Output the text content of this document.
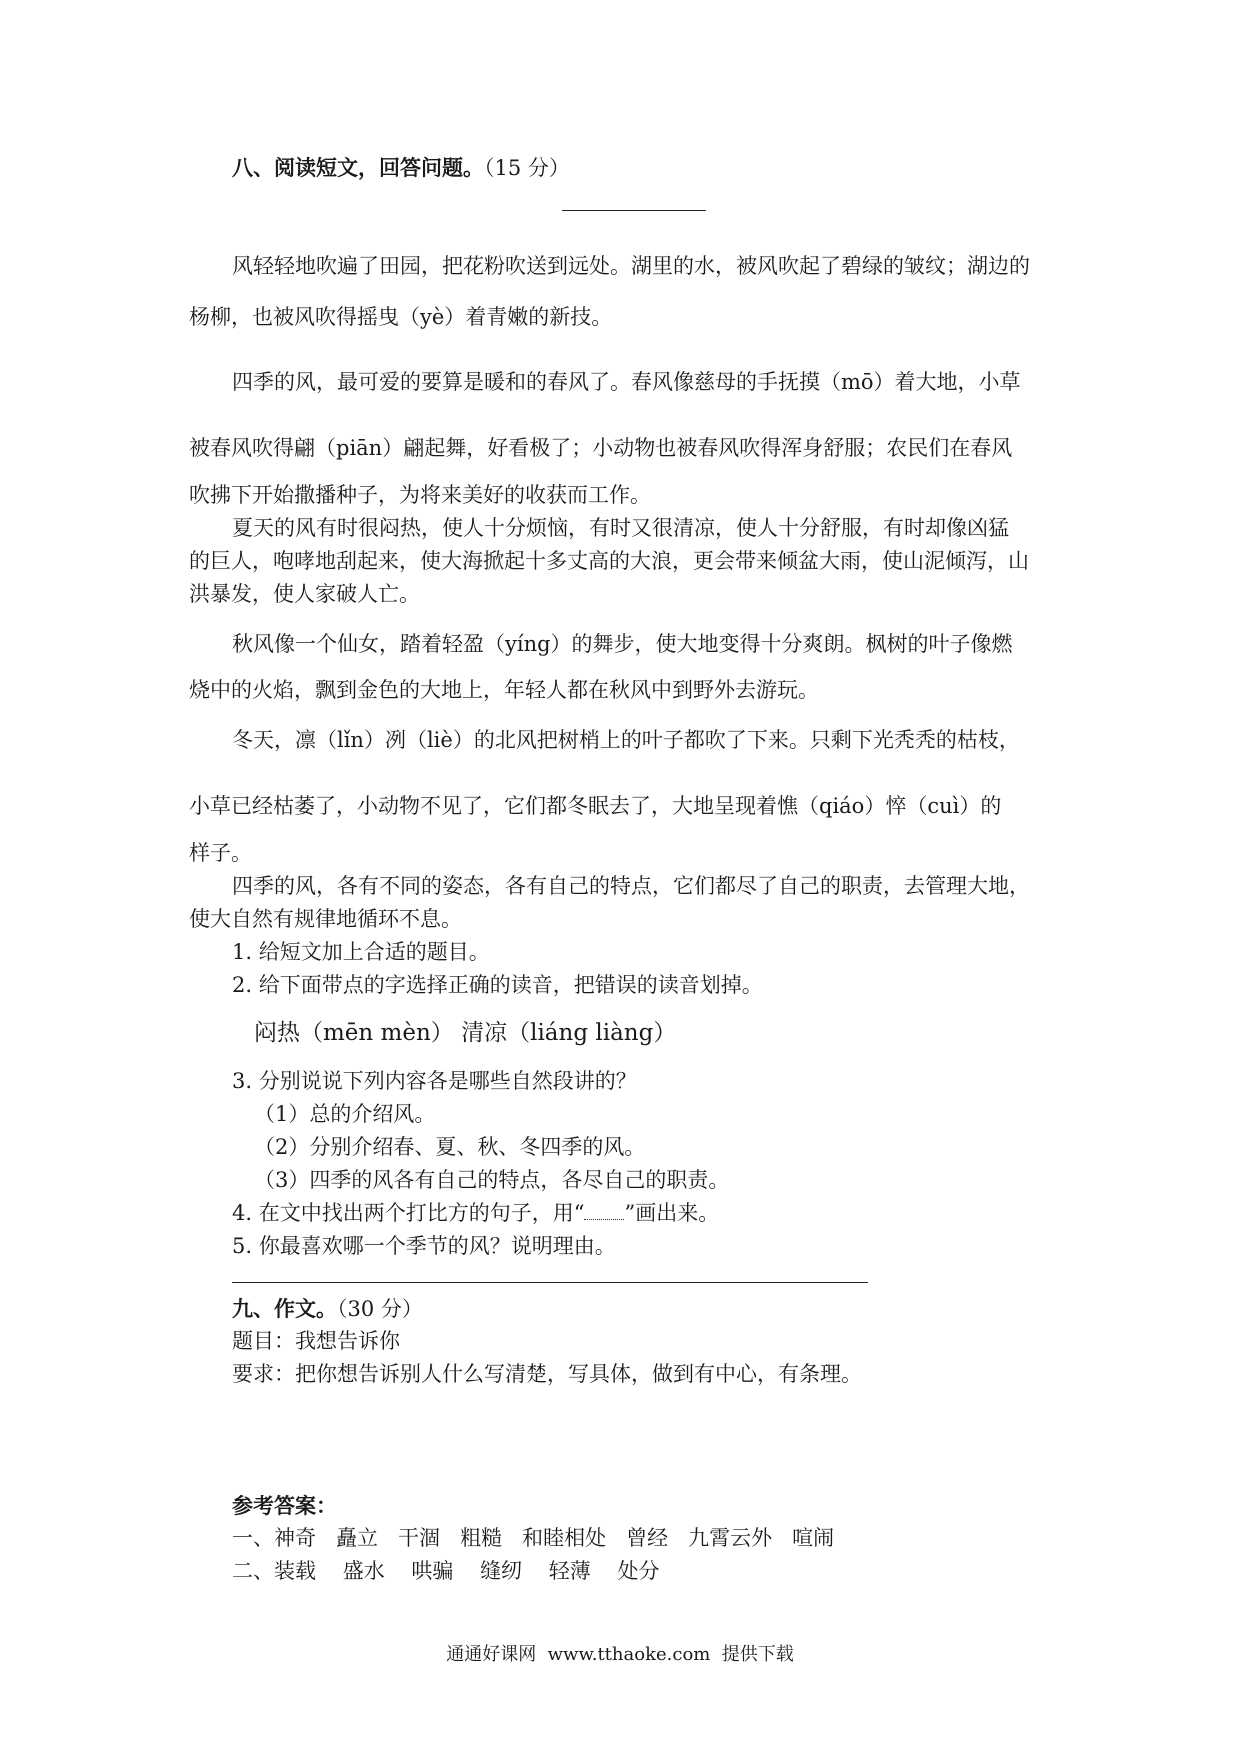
八、阅读短文，回答问题。（15 分）
风轻轻地吹遍了田园，把花粉吹送到远处。湖里的水，被风吹起了碧绿的皱纹；湖边的
杨柳，也被风吹得摇曳（yè）着青嫩的新技。
四季的风，最可爱的要算是暖和的春风了。春风像慈母的手抚摸（mō）着大地，小草
被春风吹得翩（piān）翩起舞，好看极了；小动物也被春风吹得浑身舒服；农民们在春风
吹拂下开始撒播种子，为将来美好的收获而工作。
夏天的风有时很闷热，使人十分烦恼，有时又很清凉，使人十分舒服，有时却像凶猛
的巨人，咆哮地刮起来，使大海掀起十多丈高的大浪，更会带来倾盆大雨，使山泥倾泻，山
洪暴发，使人家破人亡。
秋风像一个仙女，踏着轻盈（yíng）的舞步，使大地变得十分爽朗。枫树的叶子像燃
烧中的火焰，飘到金色的大地上，年轻人都在秋风中到野外去游玩。
冬天，凛（lǐn）冽（liè）的北风把树梢上的叶子都吹了下来。只剩下光秃秃的枯枝，
小草已经枯萎了，小动物不见了，它们都冬眠去了，大地呈现着憔（qiáo）悴（cuì）的
样子。
四季的风，各有不同的姿态，各有自己的特点，它们都尽了自己的职责，去管理大地，
使大自然有规律地循环不息。
1. 给短文加上合适的题目。
2. 给下面带点的字选择正确的读音，把错误的读音划掉。
闷热（mēn mèn） 清凉（liáng liàng）
3. 分别说说下列内容各是哪些自然段讲的？
（1）总的介绍风。
（2）分别介绍春、夏、秋、冬四季的风。
（3）四季的风各有自己的特点，各尽自己的职责。
4. 在文中找出两个打比方的句子，用“ ”画出来。
5. 你最喜欢哪一个季节的风？说明理由。
九、作文。（30 分）
题目：我想告诉你
要求：把你想告诉别人什么写清楚，写具体，做到有中心，有条理。
参考答案：
一、神奇   矗立   干涸   粗糙   和睦相处   曾经   九霄云外   喧闹
二、装载    盛水    哄骗    缝纫    轻薄    处分
通通好课网  www.tthaoke.com  提供下载
